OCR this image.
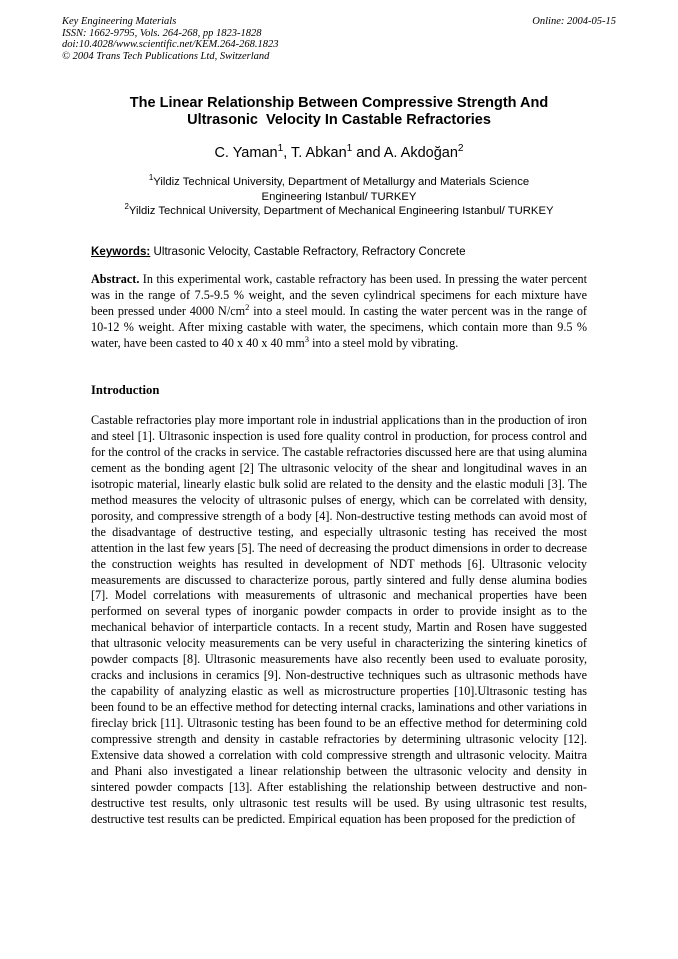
Key Engineering Materials
ISSN: 1662-9795, Vols. 264-268, pp 1823-1828
doi:10.4028/www.scientific.net/KEM.264-268.1823
© 2004 Trans Tech Publications Ltd, Switzerland
Online: 2004-05-15
The Linear Relationship Between Compressive Strength And
Ultrasonic  Velocity In Castable Refractories
C. Yaman$^1$, T. Abkan$^1$ and A. Akdoğan$^2$
$^1$Yildiz Technical University, Department of Metallurgy and Materials Science
Engineering Istanbul/ TURKEY
$^2$Yildiz Technical University, Department of Mechanical Engineering Istanbul/ TURKEY
Keywords: Ultrasonic Velocity, Castable Refractory, Refractory Concrete
Abstract. In this experimental work, castable refractory has been used. In pressing the water percent was in the range of 7.5-9.5 % weight, and the seven cylindrical specimens for each mixture have been pressed under 4000 $N/cm^2$ into a steel mould. In casting the water percent was in the range of 10-12 % weight. After mixing castable with water, the specimens, which contain more than 9.5 % water, have been casted to 40 x 40 x 40 $mm^3$ into a steel mold by vibrating.
Introduction
Castable refractories play more important role in industrial applications than in the production of iron and steel [1]. Ultrasonic inspection is used fore quality control in production, for process control and for the control of the cracks in service. The castable refractories discussed here are that using alumina cement as the bonding agent [2] The ultrasonic velocity of the shear and longitudinal waves in an isotropic material, linearly elastic bulk solid are related to the density and the elastic moduli [3]. The method measures the velocity of ultrasonic pulses of energy, which can be correlated with density, porosity, and compressive strength of a body [4]. Non-destructive testing methods can avoid most of the disadvantage of destructive testing, and especially ultrasonic testing has received the most attention in the last few years [5]. The need of decreasing the product dimensions in order to decrease the construction weights has resulted in development of NDT methods [6]. Ultrasonic velocity measurements are discussed to characterize porous, partly sintered and fully dense alumina bodies [7]. Model correlations with measurements of ultrasonic and mechanical properties have been performed on several types of inorganic powder compacts in order to provide insight as to the mechanical behavior of interparticle contacts. In a recent study, Martin and Rosen have suggested that ultrasonic velocity measurements can be very useful in characterizing the sintering kinetics of powder compacts [8]. Ultrasonic measurements have also recently been used to evaluate porosity, cracks and inclusions in ceramics [9]. Non-destructive techniques such as ultrasonic methods have the capability of analyzing elastic as well as microstructure properties [10].Ultrasonic testing has been found to be an effective method for detecting internal cracks, laminations and other variations in fireclay brick [11]. Ultrasonic testing has been found to be an effective method for determining cold compressive strength and density in castable refractories by determining ultrasonic velocity [12]. Extensive data showed a correlation with cold compressive strength and ultrasonic velocity. Maitra and Phani also investigated a linear relationship between the ultrasonic velocity and density in sintered powder compacts [13]. After establishing the relationship between destructive and non-destructive test results, only ultrasonic test results will be used. By using ultrasonic test results, destructive test results can be predicted. Empirical equation has been proposed for the prediction of
